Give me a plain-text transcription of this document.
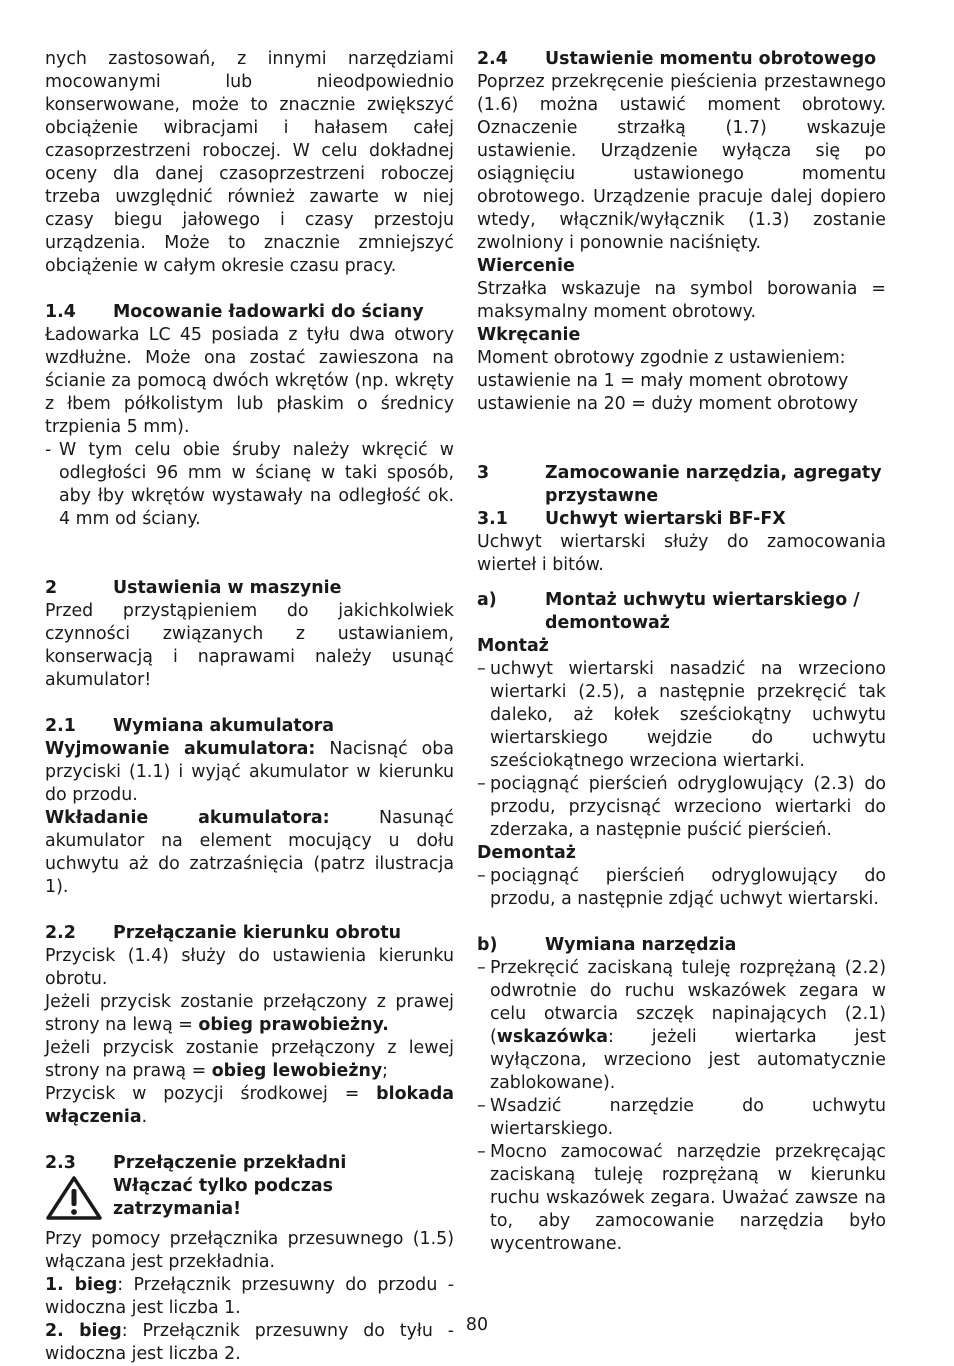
nych zastosowań, z innymi narzędziami mocowanymi lub nieodpowiednio konserwowane, może to znacznie zwiększyć obciążenie wibracjami i hałasem całej czasoprzestrzeni roboczej. W celu dokładnej oceny dla danej czasoprzestrzeni roboczej trzeba uwzględnić również zawarte w niej czasy biegu jałowego i czasy przestoju urządzenia. Może to znacznie zmniejszyć obciążenie w całym okresie czasu pracy.

1.4	Mocowanie ładowarki do ściany

Ładowarka LC 45 posiada z tyłu dwa otwory wzdłużne. Może ona zostać zawieszona na ścianie za pomocą dwóch wkrętów (np. wkręty z łbem półkolistym lub płaskim o średnicy trzpienia 5 mm).

- W tym celu obie śruby należy wkręcić w odległości 96 mm w ścianę w taki sposób, aby łby wkrętów wystawały na odległość ok. 4 mm od ściany.
2	Ustawienia w maszynie

Przed przystąpieniem do jakichkolwiek czynności związanych z ustawianiem, konserwacją i naprawami należy usunąć akumulator!

2.1	Wymiana akumulatora

Wyjmowanie akumulatora: Nacisnąć oba przyciski (1.1) i wyjąć akumulator w kierunku do przodu.

Wkładanie akumulatora: Nasunąć akumulator na element mocujący u dołu uchwytu aż do zatrzaśnięcia (patrz ilustracja 1).

2.2	Przełączanie kierunku obrotu

Przycisk (1.4) służy do ustawienia kierunku obrotu.

Jeżeli przycisk zostanie przełączony z prawej strony na lewą = obieg prawobieżny.

Jeżeli przycisk zostanie przełączony z lewej strony na prawą = obieg lewobieżny;

Przycisk w pozycji środkowej = blokada włączenia.

2.3	Przełączenie przekładni
Włączać tylko podczas zatrzymania!

Przy pomocy przełącznika przesuwnego (1.5) włączana jest przekładnia.

1. bieg: Przełącznik przesuwny do przodu - widoczna jest liczba 1.

2. bieg: Przełącznik przesuwny do tyłu - widoczna jest liczba 2.

2.4	Ustawienie momentu obrotowego

Poprzez przekręcenie pieścienia przestawnego (1.6) można ustawić moment obrotowy. Oznaczenie strzałką (1.7) wskazuje ustawienie. Urządzenie wyłącza się po osiągnięciu ustawionego momentu obrotowego. Urządzenie pracuje dalej dopiero wtedy, włącznik/wyłącznik (1.3) zostanie zwolniony i ponownie naciśnięty.

Wiercenie

Strzałka wskazuje na symbol borowania = maksymalny moment obrotowy.

Wkręcanie

Moment obrotowy zgodnie z ustawieniem:

ustawienie na 1 = mały moment obrotowy

ustawienie na 20 = duży moment obrotowy

3	Zamocowanie narzędzia, agregaty przystawne
3.1	Uchwyt wiertarski BF-FX

Uchwyt wiertarski służy do zamocowania wierteł i bitów.

a)	Montaż uchwytu wiertarskiego / demontoważ

Montaż

– uchwyt wiertarski nasadzić na wrzeciono wiertarki (2.5), a następnie przekręcić tak daleko, aż kołek sześciokątny uchwytu wiertarskiego wejdzie do uchwytu sześciokątnego wrzeciona wiertarki.
– pociągnąć pierścień odryglowujący (2.3) do przodu, przycisnąć wrzeciono wiertarki do zderzaka, a następnie puścić pierścień.

Demontaż

– pociągnąć pierścień odryglowujący do przodu, a następnie zdjąć uchwyt wiertarski.
b)	Wymiana narzędzia
– Przekręcić zaciskaną tuleję rozprężaną (2.2) odwrotnie do ruchu wskazówek zegara w celu otwarcia szczęk napinających (2.1) (wskazówka: jeżeli wiertarka jest wyłączona, wrzeciono jest automatycznie zablokowane).
– Wsadzić narzędzie do uchwytu wiertarskiego.
– Mocno zamocować narzędzie przekręcając zaciskaną tuleję rozprężaną w kierunku ruchu wskazówek zegara. Uważać zawsze na to, aby zamocowanie narzędzia było wycentrowane.
80
